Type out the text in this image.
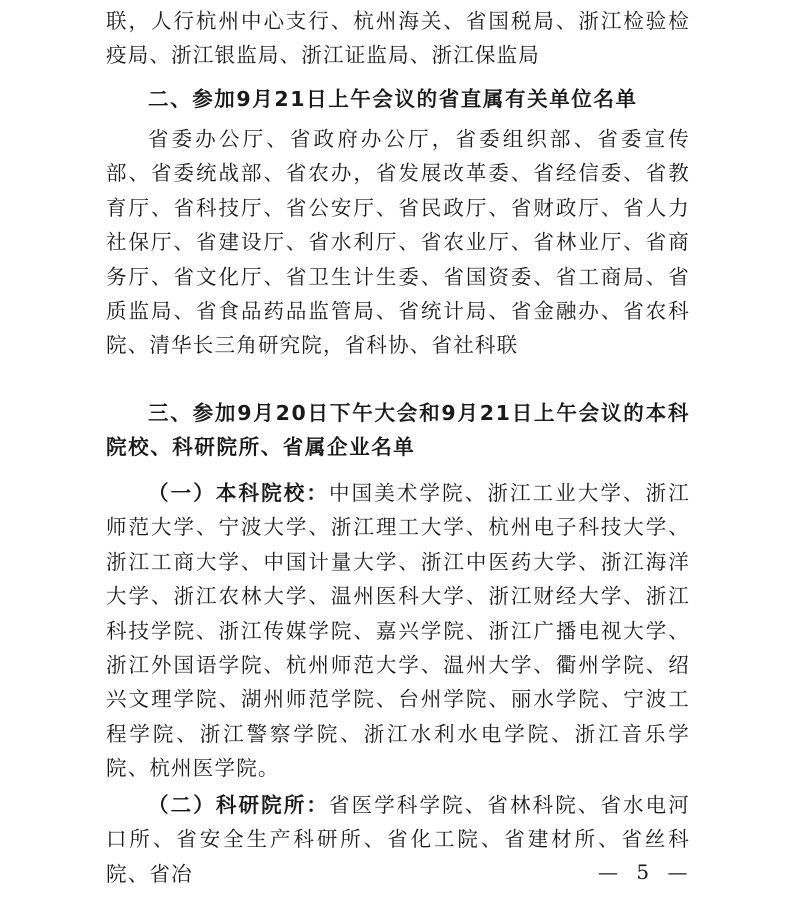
联，人行杭州中心支行、杭州海关、省国税局、浙江检验检疫局、浙江银监局、浙江证监局、浙江保监局

二、参加9月21日上午会议的省直属有关单位名单

省委办公厅、省政府办公厅，省委组织部、省委宣传部、省委统战部、省农办，省发展改革委、省经信委、省教育厅、省科技厅、省公安厅、省民政厅、省财政厅、省人力社保厅、省建设厅、省水利厅、省农业厅、省林业厅、省商务厅、省文化厅、省卫生计生委、省国资委、省工商局、省质监局、省食品药品监管局、省统计局、省金融办、省农科院、清华长三角研究院，省科协、省社科联

三、参加9月20日下午大会和9月21日上午会议的本科院校、科研院所、省属企业名单

（一）本科院校：中国美术学院、浙江工业大学、浙江师范大学、宁波大学、浙江理工大学、杭州电子科技大学、浙江工商大学、中国计量大学、浙江中医药大学、浙江海洋大学、浙江农林大学、温州医科大学、浙江财经大学、浙江科技学院、浙江传媒学院、嘉兴学院、浙江广播电视大学、浙江外国语学院、杭州师范大学、温州大学、衢州学院、绍兴文理学院、湖州师范学院、台州学院、丽水学院、宁波工程学院、浙江警察学院、浙江水利水电学院、浙江音乐学院、杭州医学院。

（二）科研院所：省医学科学院、省林科院、省水电河口所、省安全生产科研所、省化工院、省建材所、省丝科院、省冶	— 5 —
